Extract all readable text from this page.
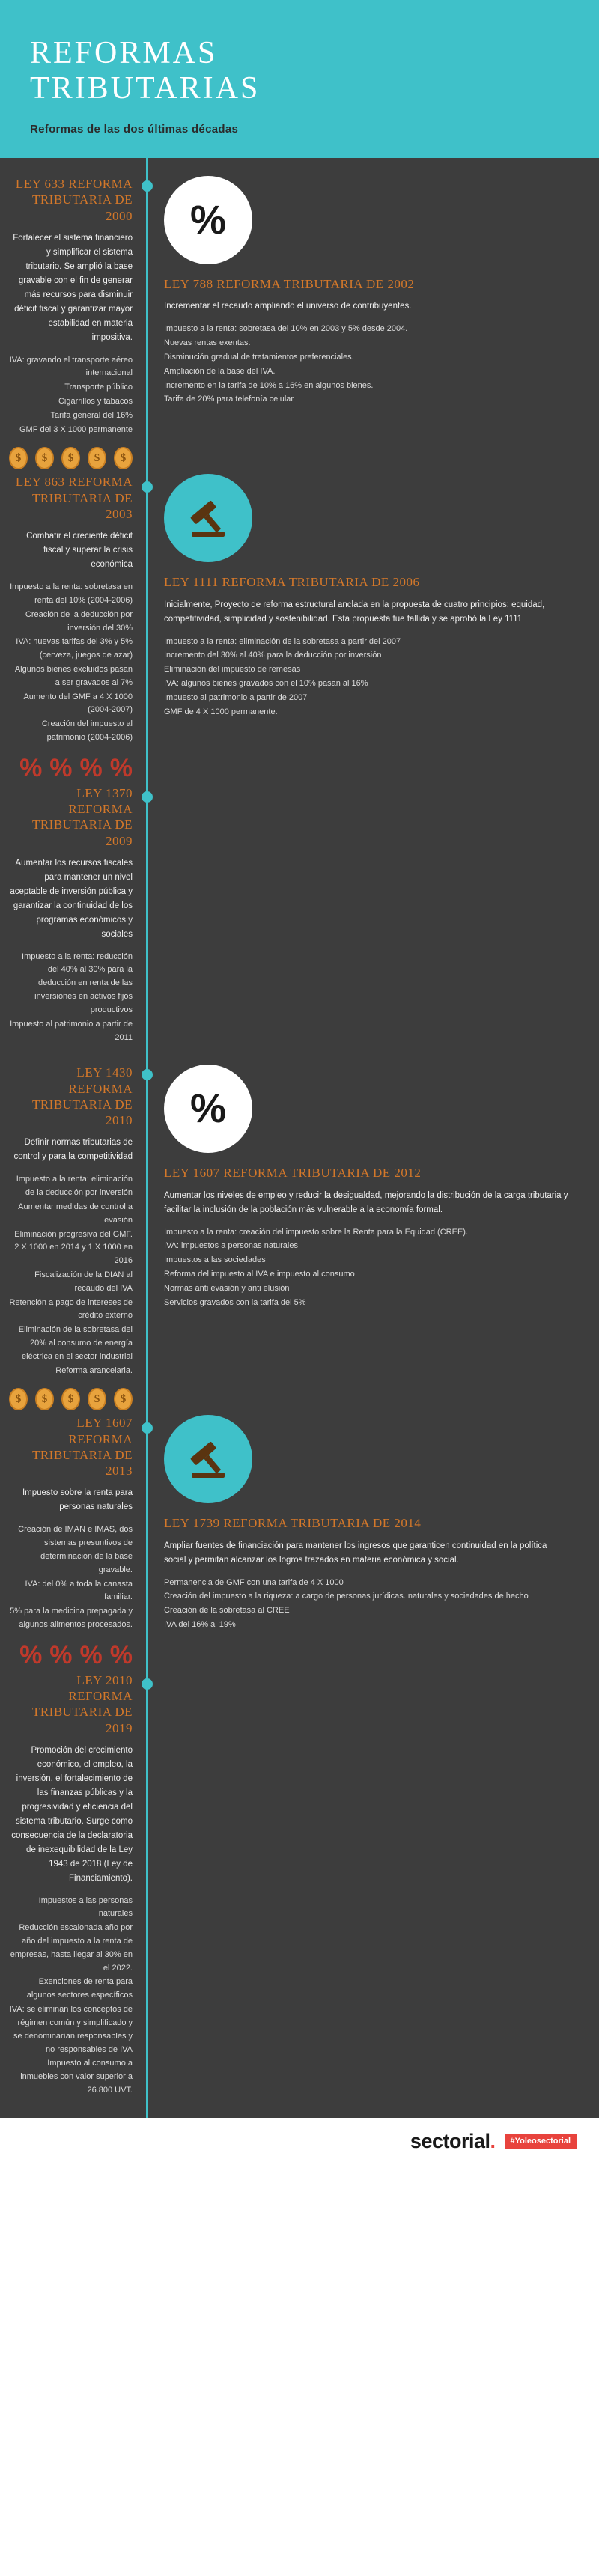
REFORMAS
TRIBUTARIAS
Reformas de las dos últimas décadas
LEY 633 REFORMA TRIBUTARIA DE 2000
Fortalecer el sistema financiero y simplificar el sistema tributario. Se amplió la base gravable con el fin de generar más recursos para disminuir déficit fiscal y garantizar mayor estabilidad en materia impositiva.

IVA: gravando el transporte aéreo internacional

Transporte público

Cigarrillos y tabacos

Tarifa general del 16%

GMF del 3 X 1000 permanente

$	$	$	$	$
%
LEY 788 REFORMA TRIBUTARIA DE 2002
Incrementar el recaudo ampliando el universo de contribuyentes.

Impuesto a la renta: sobretasa del 10% en 2003 y 5% desde 2004.

Nuevas rentas exentas.

Disminución gradual de tratamientos preferenciales.

Ampliación de la base del IVA.

Incremento en la tarifa de 10% a 16% en algunos bienes.

Tarifa de 20% para telefonía celular

LEY 863 REFORMA TRIBUTARIA DE 2003
Combatir el creciente déficit fiscal y superar la crisis económica

Impuesto a la renta: sobretasa en renta del 10% (2004-2006)

Creación de la deducción por inversión del 30%

IVA: nuevas tarifas del 3% y 5% (cerveza, juegos de azar)

Algunos bienes excluidos pasan a ser gravados al 7%

Aumento del GMF a 4 X 1000 (2004-2007)

Creación del impuesto al patrimonio (2004-2006)

% % % %
LEY 1111 REFORMA TRIBUTARIA DE 2006
Inicialmente, Proyecto de reforma estructural anclada en la propuesta de cuatro principios: equidad, competitividad, simplicidad y sostenibilidad. Esta propuesta fue fallida y se aprobó la Ley 1111

Impuesto a la renta: eliminación de la sobretasa a partir del 2007

Incremento del 30% al 40% para la deducción por inversión

Eliminación del impuesto de remesas

IVA: algunos bienes gravados con el 10% pasan al 16%

Impuesto al patrimonio a partir de 2007

GMF de 4 X 1000 permanente.

LEY 1370 REFORMA TRIBUTARIA DE 2009
Aumentar los recursos fiscales para mantener un nivel aceptable de inversión pública y garantizar la continuidad de los programas económicos y sociales

Impuesto a la renta: reducción del 40% al 30% para la deducción en renta de las inversiones en activos fijos productivos

Impuesto al patrimonio a partir de 2011

LEY 1430 REFORMA TRIBUTARIA DE 2010
Definir normas tributarias de control y para la competitividad

Impuesto a la renta: eliminación de la deducción por inversión

Aumentar medidas de control a evasión

Eliminación progresiva del GMF. 2 X 1000 en 2014 y 1 X 1000 en 2016

Fiscalización de la DIAN al recaudo del IVA

Retención a pago de intereses de crédito externo

Eliminación de la sobretasa del 20% al consumo de energía eléctrica en el sector industrial

Reforma arancelaria.

$	$	$	$	$
%
LEY 1607 REFORMA TRIBUTARIA DE 2012
Aumentar los niveles de empleo y reducir la desigualdad, mejorando la distribución de la carga tributaria y facilitar la inclusión de la población más vulnerable a la economía formal.

Impuesto a la renta: creación del impuesto sobre la Renta para la Equidad (CREE).

IVA: impuestos a personas naturales

Impuestos a las sociedades

Reforma del impuesto al IVA e impuesto al consumo

Normas anti evasión y anti elusión

Servicios gravados con la tarifa del 5%

LEY 1607 REFORMA TRIBUTARIA DE 2013
Impuesto sobre la renta para personas naturales

Creación de IMAN e IMAS, dos sistemas presuntivos de determinación de la base gravable.

IVA: del 0% a toda la canasta familiar.

5% para la medicina prepagada y algunos alimentos procesados.

% % % %
LEY 1739 REFORMA TRIBUTARIA DE 2014
Ampliar fuentes de financiación para mantener los ingresos que garanticen continuidad en la política social y permitan alcanzar los logros trazados en materia económica y social.

Permanencia de GMF con una tarifa de 4 X 1000

Creación del impuesto a la riqueza: a cargo de personas jurídicas. naturales y sociedades de hecho

Creación de la sobretasa al CREE

IVA del 16% al 19%

LEY 2010 REFORMA TRIBUTARIA DE 2019
Promoción del crecimiento económico, el empleo, la inversión, el fortalecimiento de las finanzas públicas y la progresividad y eficiencia del sistema tributario. Surge como consecuencia de la declaratoria de inexequibilidad de la Ley 1943 de 2018 (Ley de Financiamiento).

Impuestos a las personas naturales

Reducción escalonada año por año del impuesto a la renta de empresas, hasta llegar al 30% en el 2022.

Exenciones de renta para algunos sectores específicos

IVA: se eliminan los conceptos de régimen común y simplificado y se denominarían responsables y no responsables de IVA

Impuesto al consumo a inmuebles con valor superior a 26.800 UVT.

sectorial.	#Yoleosectorial
